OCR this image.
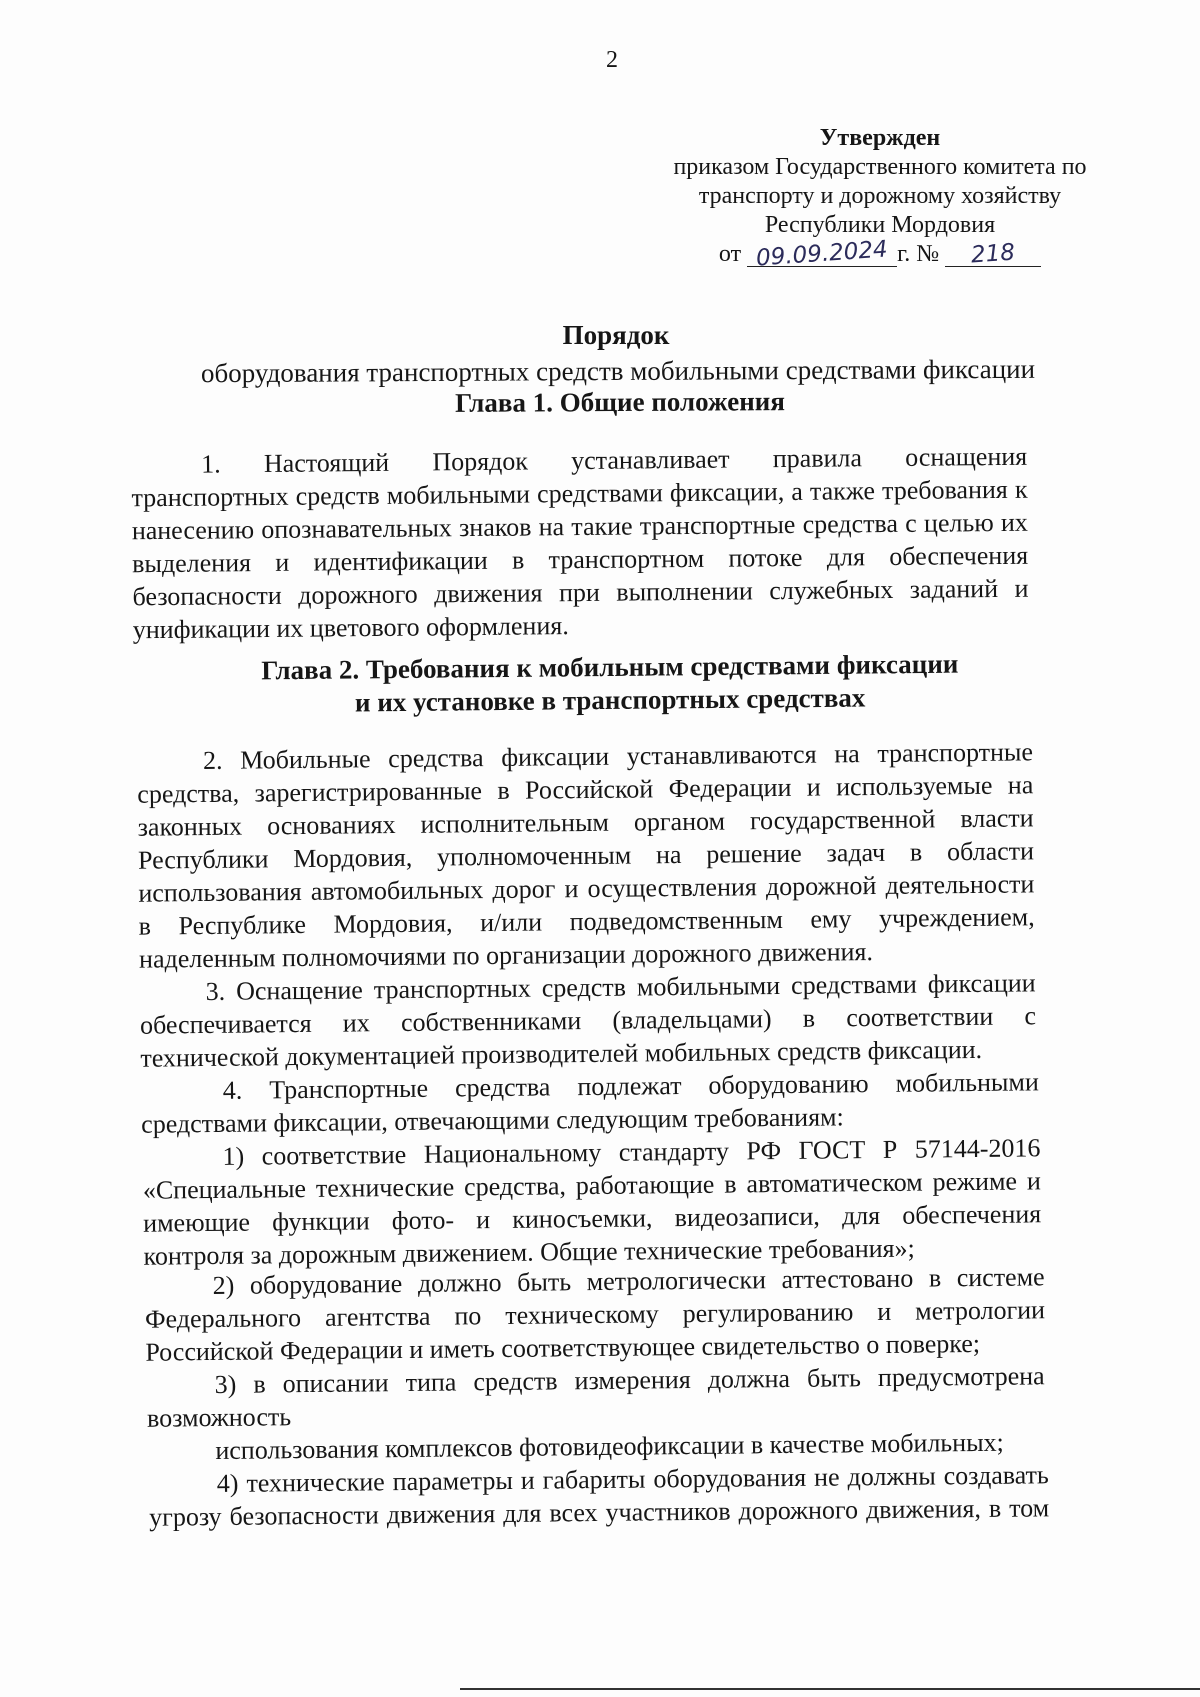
2
Утвержден
приказом Государственного комитета по
транспорту и дорожному хозяйству
Республики Мордовия
от 09.09.2024 г. № 218
Порядок
оборудования транспортных средств мобильными средствами фиксации
Глава 1. Общие положения
1. Настоящий Порядок устанавливает правила оснащения
транспортных средств мобильными средствами фиксации, а также требования к
нанесению опознавательных знаков на такие транспортные средства с целью их
выделения и идентификации в транспортном потоке для обеспечения
безопасности дорожного движения при выполнении служебных заданий и
унификации их цветового оформления.
Глава 2. Требования к мобильным средствами фиксации
и их установке в транспортных средствах
2. Мобильные средства фиксации устанавливаются на транспортные
средства, зарегистрированные в Российской Федерации и используемые на
законных основаниях исполнительным органом государственной власти
Республики Мордовия, уполномоченным на решение задач в области
использования автомобильных дорог и осуществления дорожной деятельности
в Республике Мордовия, и/или подведомственным ему учреждением,
наделенным полномочиями по организации дорожного движения.
3. Оснащение транспортных средств мобильными средствами фиксации
обеспечивается их собственниками (владельцами) в соответствии с
технической документацией производителей мобильных средств фиксации.
4. Транспортные средства подлежат оборудованию мобильными
средствами фиксации, отвечающими следующим требованиям:
1) соответствие Национальному стандарту РФ ГОСТ Р 57144-2016
«Специальные технические средства, работающие в автоматическом режиме и
имеющие функции фото- и киносъемки, видеозаписи, для обеспечения
контроля за дорожным движением. Общие технические требования»;
2) оборудование должно быть метрологически аттестовано в системе
Федерального агентства по техническому регулированию и метрологии
Российской Федерации и иметь соответствующее свидетельство о поверке;
3) в описании типа средств измерения должна быть предусмотрена
возможность
использования комплексов фотовидеофиксации в качестве мобильных;
4) технические параметры и габариты оборудования не должны создавать
угрозу безопасности движения для всех участников дорожного движения, в том
